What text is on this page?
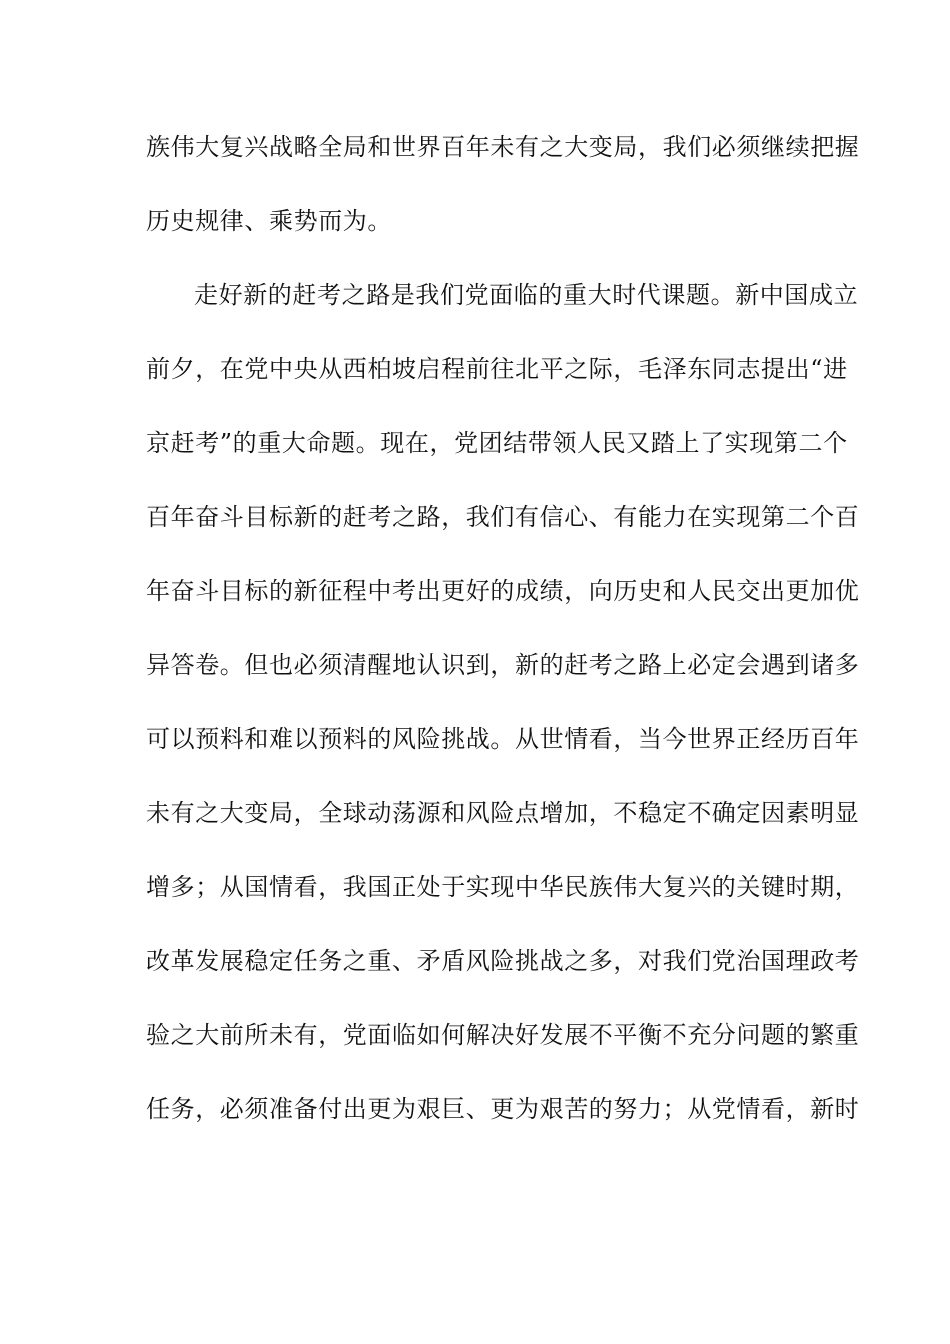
族伟大复兴战略全局和世界百年未有之大变局，我们必须继续把握
历史规律、乘势而为。
走好新的赶考之路是我们党面临的重大时代课题。新中国成立
前夕，在党中央从西柏坡启程前往北平之际，毛泽东同志提出“进
京赶考”的重大命题。现在，党团结带领人民又踏上了实现第二个
百年奋斗目标新的赶考之路，我们有信心、有能力在实现第二个百
年奋斗目标的新征程中考出更好的成绩，向历史和人民交出更加优
异答卷。但也必须清醒地认识到，新的赶考之路上必定会遇到诸多
可以预料和难以预料的风险挑战。从世情看，当今世界正经历百年
未有之大变局，全球动荡源和风险点增加，不稳定不确定因素明显
增多；从国情看，我国正处于实现中华民族伟大复兴的关键时期，
改革发展稳定任务之重、矛盾风险挑战之多，对我们党治国理政考
验之大前所未有，党面临如何解决好发展不平衡不充分问题的繁重
任务，必须准备付出更为艰巨、更为艰苦的努力；从党情看，新时
